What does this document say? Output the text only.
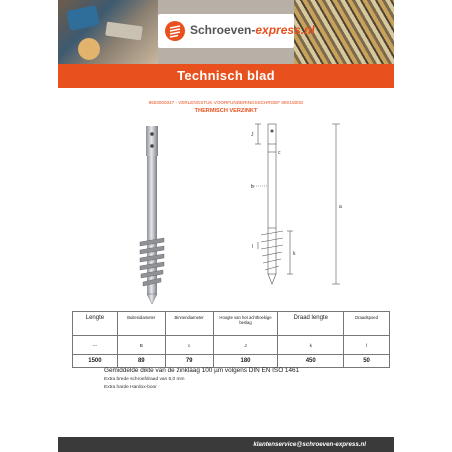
Schroeven-express.nl
Technisch blad
9503000347 - VERLENGSTUK VOORFUNDERINGSSCHROEF 89X1500G
THERMISCH VERZINKT
b
c
a
J
k
l
Lengte	Buitendiameter	Binnendiameter	Hoogte van het achthoekige beslag	Draad lengte	Draadspoed
---	B	c	J	k	l
1500	89	79	180	450	50
Gemiddelde dikte van de zinklaag 100 µm volgens DIN EN ISO 1461
Extra brede schroefdraad van 5,0 mm
Extra harde Hardox-boor
klantenservice@schroeven-express.nl
